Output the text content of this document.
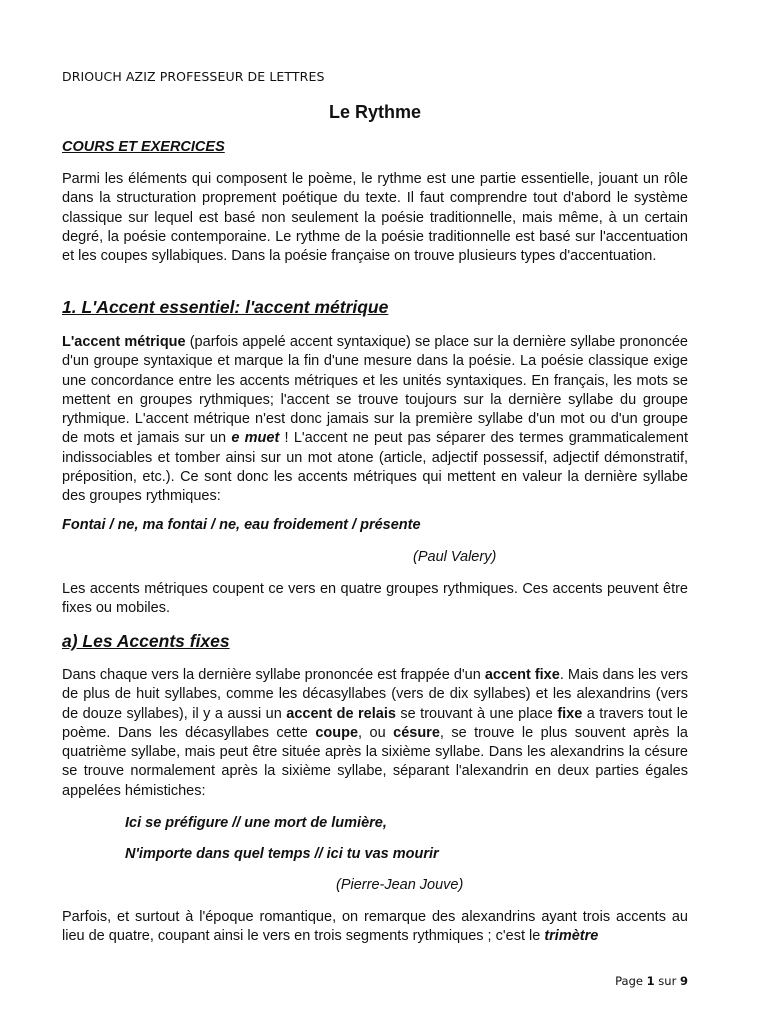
DRIOUCH AZIZ PROFESSEUR DE LETTRES
Le Rythme
COURS ET EXERCICES
Parmi les éléments qui composent le poème, le rythme est une partie essentielle, jouant un rôle dans la structuration proprement poétique du texte. Il faut comprendre tout d'abord le système classique sur lequel est basé non seulement la poésie traditionnelle, mais même, à un certain degré, la poésie contemporaine. Le rythme de la poésie traditionnelle est basé sur l'accentuation et les coupes syllabiques. Dans la poésie française on trouve plusieurs types d'accentuation.
1. L'Accent essentiel: l'accent métrique
L'accent métrique (parfois appelé accent syntaxique) se place sur la dernière syllabe prononcée d'un groupe syntaxique et marque la fin d'une mesure dans la poésie. La poésie classique exige une concordance entre les accents métriques et les unités syntaxiques. En français, les mots se mettent en groupes rythmiques; l'accent se trouve toujours sur la dernière syllabe du groupe rythmique. L'accent métrique n'est donc jamais sur la première syllabe d'un mot ou d'un groupe de mots et jamais sur un e muet ! L'accent ne peut pas séparer des termes grammaticalement indissociables et tomber ainsi sur un mot atone (article, adjectif possessif, adjectif démonstratif, préposition, etc.). Ce sont donc les accents métriques qui mettent en valeur la dernière syllabe des groupes rythmiques:
Fontai / ne, ma fontai / ne, eau froidement / présente
(Paul Valery)
Les accents métriques coupent ce vers en quatre groupes rythmiques. Ces accents peuvent être fixes ou mobiles.
a) Les Accents fixes
Dans chaque vers la dernière syllabe prononcée est frappée d'un accent fixe. Mais dans les vers de plus de huit syllabes, comme les décasyllabes (vers de dix syllabes) et les alexandrins (vers de douze syllabes), il y a aussi un accent de relais se trouvant à une place fixe a travers tout le poème. Dans les décasyllabes cette coupe, ou césure, se trouve le plus souvent après la quatrième syllabe, mais peut être située après la sixième syllabe. Dans les alexandrins la césure se trouve normalement après la sixième syllabe, séparant l'alexandrin en deux parties égales appelées hémistiches:
Ici se préfigure // une mort de lumière,
N'importe dans quel temps // ici tu vas mourir
(Pierre-Jean Jouve)
Parfois, et surtout à l'époque romantique, on remarque des alexandrins ayant trois accents au lieu de quatre, coupant ainsi le vers en trois segments rythmiques ; c'est le trimètre
Page 1 sur 9
